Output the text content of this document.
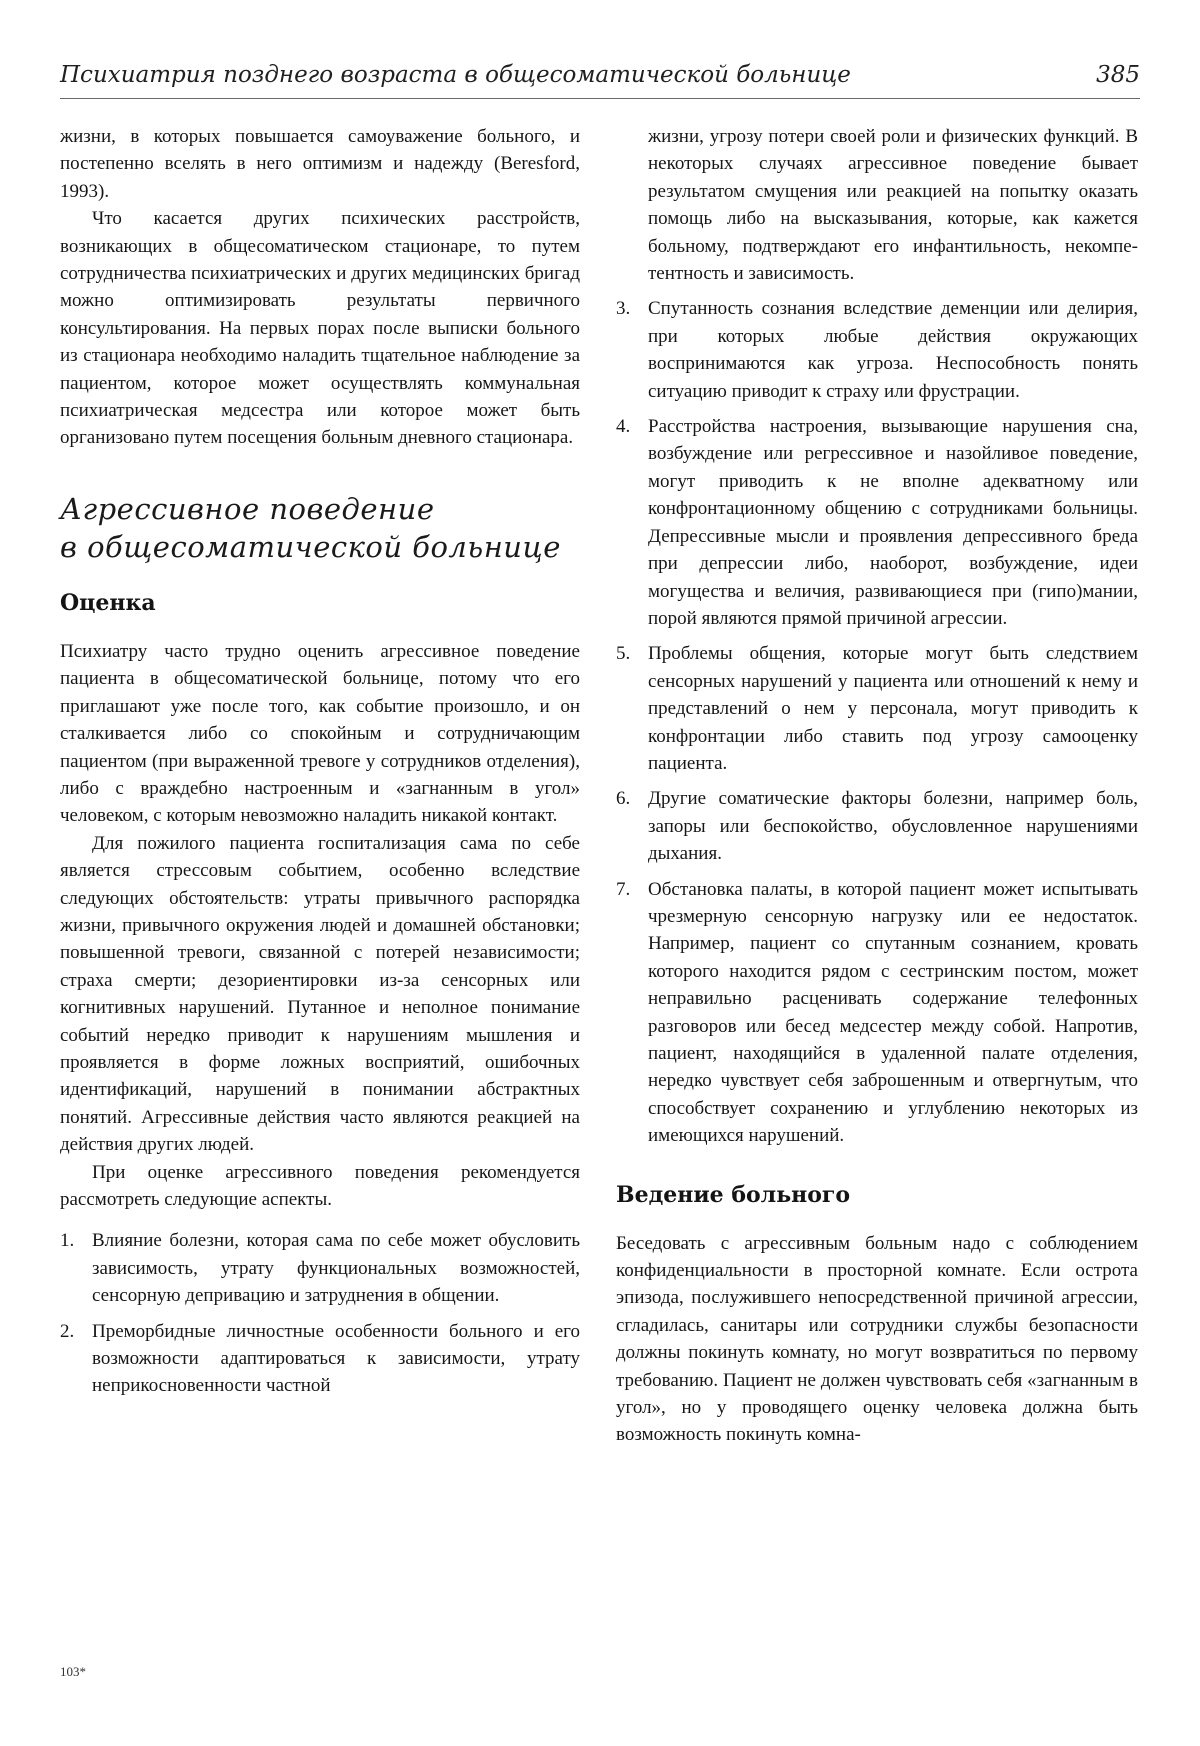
Психиатрия позднего возраста в общесоматической больнице	385

жизни, в которых повышается самоуважение больного, и постепенно вселять в него оптимизм и надежду (Beresford, 1993).

Что касается других психических расстройств, возникающих в общесоматическом стационаре, то путем сотрудничества психиатрических и других медицинских бригад можно оптимизировать результаты первичного консультирования. На первых порах после выписки больного из стационара необходимо наладить тщательное наблюдение за пациентом, которое может осуществлять коммунальная психиатрическая медсестра или которое может быть организовано путем посещения больным дневного стационара.

Агрессивное поведение
в общесоматической больнице
Оценка

Психиатру часто трудно оценить агрессивное поведение пациента в общесоматической больнице, потому что его приглашают уже после того, как событие произошло, и он сталкивается либо со спокойным и сотрудничающим пациентом (при выраженной тревоге у сотрудников отделения), либо с враждебно настроенным и «загнанным в угол» человеком, с которым невозможно наладить никакой контакт.

Для пожилого пациента госпитализация сама по себе является стрессовым событием, особенно вследствие следующих обстоятельств: утраты привычного распорядка жизни, привычного окружения людей и домашней обстановки; повышенной тревоги, связанной с потерей независимости; страха смерти; дезориентировки из-за сенсорных или когнитивных нарушений. Путанное и неполное понимание событий нередко приводит к нарушениям мышления и проявляется в форме ложных восприятий, ошибочных идентификаций, нарушений в понимании абстрактных понятий. Агрессивные действия часто являются реакцией на действия других людей.

При оценке агрессивного поведения рекомендуется рассмотреть следующие аспекты.

1. Влияние болезни, которая сама по себе может обусловить зависимость, утрату функциональных возможностей, сенсорную депривацию и затруднения в общении.

2. Преморбидные личностные особенности больного и его возможности адаптироваться к зависимости, утрату неприкосновенности частной

жизни, угрозу потери своей роли и физических функций. В некоторых случаях агрессивное поведение бывает результатом смущения или реакцией на попытку оказать помощь либо на высказывания, которые, как кажется больному, подтверждают его инфантильность, некомпетентность и зависимость.

3. Спутанность сознания вследствие деменции или делирия, при которых любые действия окружающих воспринимаются как угроза. Неспособность понять ситуацию приводит к страху или фрустрации.

4. Расстройства настроения, вызывающие нарушения сна, возбуждение или регрессивное и назойливое поведение, могут приводить к не вполне адекватному или конфронтационному общению с сотрудниками больницы. Депрессивные мысли и проявления депрессивного бреда при депрессии либо, наоборот, возбуждение, идеи могущества и величия, развивающиеся при (гипо)мании, порой являются прямой причиной агрессии.

5. Проблемы общения, которые могут быть следствием сенсорных нарушений у пациента или отношений к нему и представлений о нем у персонала, могут приводить к конфронтации либо ставить под угрозу самооценку пациента.

6. Другие соматические факторы болезни, например боль, запоры или беспокойство, обусловленное нарушениями дыхания.

7. Обстановка палаты, в которой пациент может испытывать чрезмерную сенсорную нагрузку или ее недостаток. Например, пациент со спутанным сознанием, кровать которого находится рядом с сестринским постом, может неправильно расценивать содержание телефонных разговоров или бесед медсестер между собой. Напротив, пациент, находящийся в удаленной палате отделения, нередко чувствует себя заброшенным и отвергнутым, что способствует сохранению и углублению некоторых из имеющихся нарушений.

Ведение больного

Беседовать с агрессивным больным надо с соблюдением конфиденциальности в просторной комнате. Если острота эпизода, послужившего непосредственной причиной агрессии, сгладилась, санитары или сотрудники службы безопасности должны покинуть комнату, но могут возвратиться по первому требованию. Пациент не должен чувствовать себя «загнанным в угол», но у проводящего оценку человека должна быть возможность покинуть комна-

103*
